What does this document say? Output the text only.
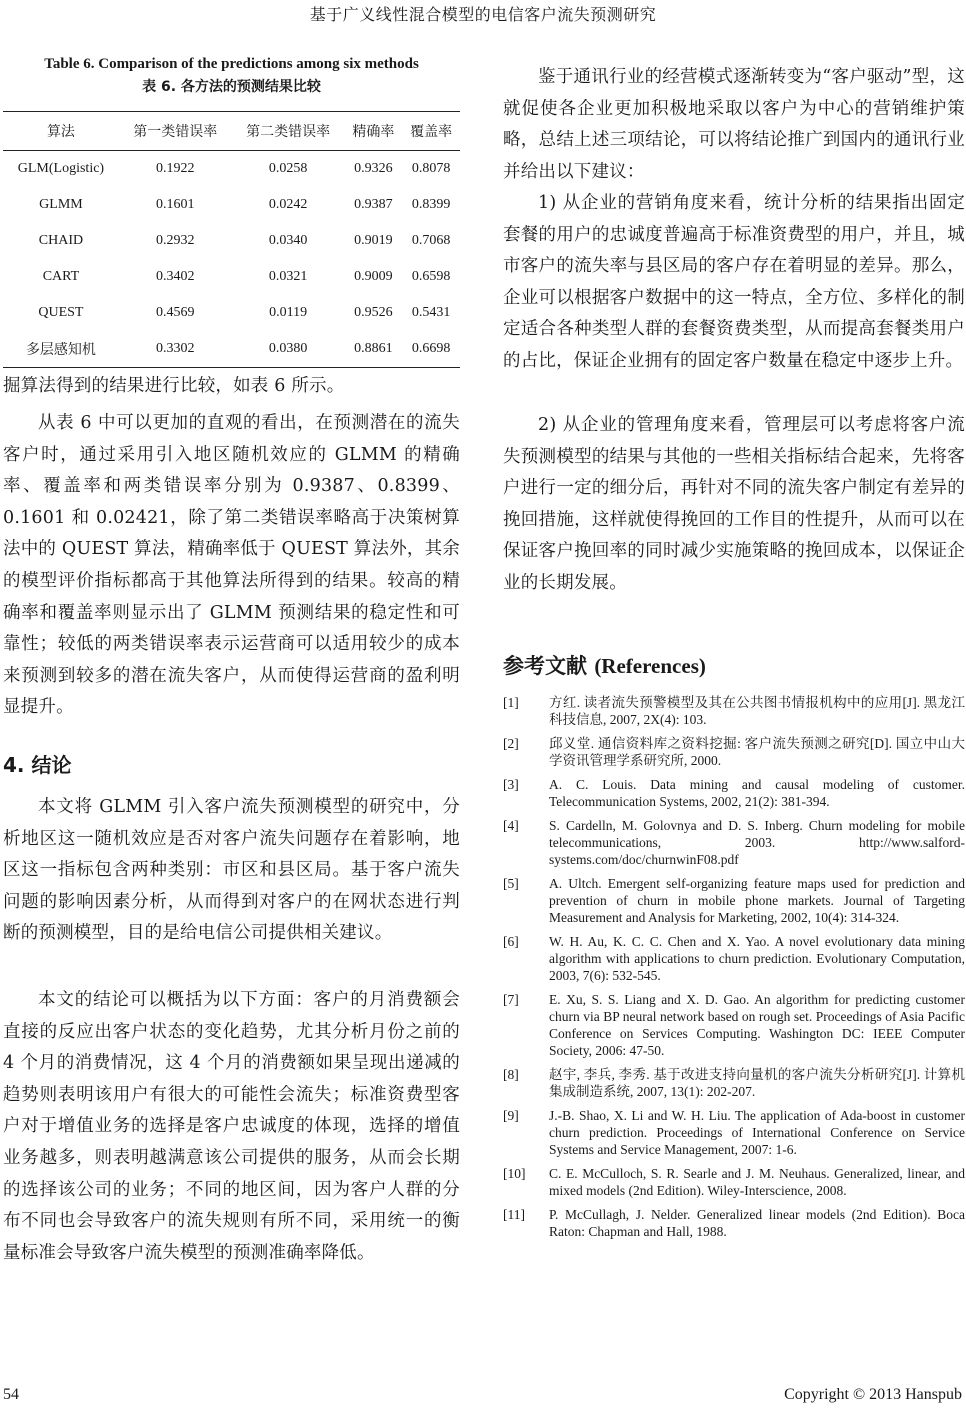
基于广义线性混合模型的电信客户流失预测研究
Table 6. Comparison of the predictions among six methods
表 6. 各方法的预测结果比较
算法	第一类错误率	第二类错误率	精确率	覆盖率
GLM(Logistic)	0.1922	0.0258	0.9326	0.8078
GLMM	0.1601	0.0242	0.9387	0.8399
CHAID	0.2932	0.0340	0.9019	0.7068
CART	0.3402	0.0321	0.9009	0.6598
QUEST	0.4569	0.0119	0.9526	0.5431
多层感知机	0.3302	0.0380	0.8861	0.6698
掘算法得到的结果进行比较，如表 6 所示。
从表 6 中可以更加的直观的看出，在预测潜在的流失客户时，通过采用引入地区随机效应的 GLMM 的精确率、覆盖率和两类错误率分别为 0.9387、0.8399、0.1601 和 0.02421，除了第二类错误率略高于决策树算法中的 QUEST 算法，精确率低于 QUEST 算法外，其余的模型评价指标都高于其他算法所得到的结果。较高的精确率和覆盖率则显示出了 GLMM 预测结果的稳定性和可靠性；较低的两类错误率表示运营商可以适用较少的成本来预测到较多的潜在流失客户，从而使得运营商的盈利明显提升。
4. 结论
本文将 GLMM 引入客户流失预测模型的研究中，分析地区这一随机效应是否对客户流失问题存在着影响，地区这一指标包含两种类别：市区和县区局。基于客户流失问题的影响因素分析，从而得到对客户的在网状态进行判断的预测模型，目的是给电信公司提供相关建议。
本文的结论可以概括为以下方面：客户的月消费额会直接的反应出客户状态的变化趋势，尤其分析月份之前的 4 个月的消费情况，这 4 个月的消费额如果呈现出递减的趋势则表明该用户有很大的可能性会流失；标准资费型客户对于增值业务的选择是客户忠诚度的体现，选择的增值业务越多，则表明越满意该公司提供的服务，从而会长期的选择该公司的业务；不同的地区间，因为客户人群的分布不同也会导致客户的流失规则有所不同，采用统一的衡量标准会导致客户流失模型的预测准确率降低。
鉴于通讯行业的经营模式逐渐转变为“客户驱动”型，这就促使各企业更加积极地采取以客户为中心的营销维护策略，总结上述三项结论，可以将结论推广到国内的通讯行业并给出以下建议：
1) 从企业的营销角度来看，统计分析的结果指出固定套餐的用户的忠诚度普遍高于标准资费型的用户，并且，城市客户的流失率与县区局的客户存在着明显的差异。那么，企业可以根据客户数据中的这一特点，全方位、多样化的制定适合各种类型人群的套餐资费类型，从而提高套餐类用户的占比，保证企业拥有的固定客户数量在稳定中逐步上升。
2) 从企业的管理角度来看，管理层可以考虑将客户流失预测模型的结果与其他的一些相关指标结合起来，先将客户进行一定的细分后，再针对不同的流失客户制定有差异的挽回措施，这样就使得挽回的工作目的性提升，从而可以在保证客户挽回率的同时减少实施策略的挽回成本，以保证企业的长期发展。
参考文献 (References)
[1]	方红. 读者流失预警模型及其在公共图书情报机构中的应用[J]. 黑龙江科技信息, 2007, 2X(4): 103.
[2]	邱义堂. 通信资料库之资料挖掘: 客户流失预测之研究[D]. 国立中山大学资讯管理学系研究所, 2000.
[3]	A. C. Louis. Data mining and causal modeling of customer. Telecommunication Systems, 2002, 21(2): 381-394.
[4]	S. Cardelln, M. Golovnya and D. S. Inberg. Churn modeling for mobile telecommunications, 2003. http://www.salford-systems.com/doc/churnwinF08.pdf
[5]	A. Ultch. Emergent self-organizing feature maps used for prediction and prevention of churn in mobile phone markets. Journal of Targeting Measurement and Analysis for Marketing, 2002, 10(4): 314-324.
[6]	W. H. Au, K. C. C. Chen and X. Yao. A novel evolutionary data mining algorithm with applications to churn prediction. Evolutionary Computation, 2003, 7(6): 532-545.
[7]	E. Xu, S. S. Liang and X. D. Gao. An algorithm for predicting customer churn via BP neural network based on rough set. Proceedings of Asia Pacific Conference on Services Computing. Washington DC: IEEE Computer Society, 2006: 47-50.
[8]	赵宇, 李兵, 李秀. 基于改进支持向量机的客户流失分析研究[J]. 计算机集成制造系统, 2007, 13(1): 202-207.
[9]	J.-B. Shao, X. Li and W. H. Liu. The application of Ada-boost in customer churn prediction. Proceedings of International Conference on Service Systems and Service Management, 2007: 1-6.
[10]	C. E. McCulloch, S. R. Searle and J. M. Neuhaus. Generalized, linear, and mixed models (2nd Edition). Wiley-Interscience, 2008.
[11]	P. McCullagh, J. Nelder. Generalized linear models (2nd Edition). Boca Raton: Chapman and Hall, 1988.
54	Copyright © 2013 Hanspub
